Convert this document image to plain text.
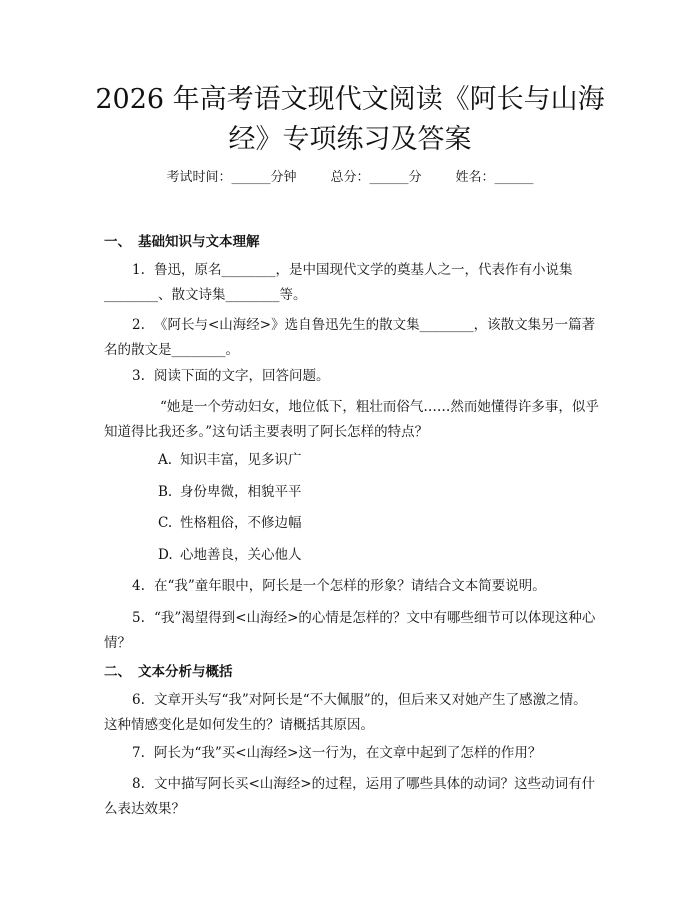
2026 年高考语文现代文阅读《阿长与山海
经》专项练习及答案
考试时间：______分钟	总分：______分	姓名：______
一、 基础知识与文本理解

1. 鲁迅，原名________，是中国现代文学的奠基人之一，代表作有小说集________、散文诗集________等。

2. 《阿长与<山海经>》选自鲁迅先生的散文集________，该散文集另一篇著名的散文是________。

3. 阅读下面的文字，回答问题。

“她是一个劳动妇女，地位低下，粗壮而俗气……然而她懂得许多事，似乎知道得比我还多。”这句话主要表明了阿长怎样的特点？

A. 知识丰富，见多识广
B. 身份卑微，相貌平平
C. 性格粗俗，不修边幅
D. 心地善良，关心他人

4. 在“我”童年眼中，阿长是一个怎样的形象？请结合文本简要说明。

5. “我”渴望得到<山海经>的心情是怎样的？文中有哪些细节可以体现这种心情？

二、 文本分析与概括

6. 文章开头写“我”对阿长是“不大佩服”的，但后来又对她产生了感激之情。这种情感变化是如何发生的？请概括其原因。

7. 阿长为“我”买<山海经>这一行为，在文章中起到了怎样的作用？

8. 文中描写阿长买<山海经>的过程，运用了哪些具体的动词？这些动词有什么表达效果？
